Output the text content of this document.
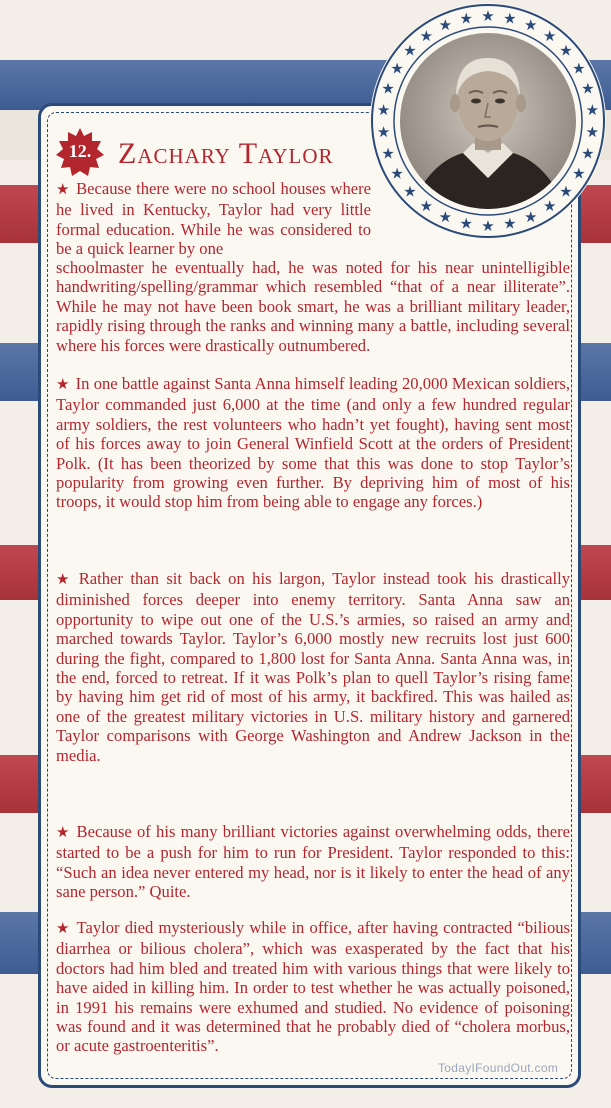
12. Zachary Taylor
★ ★ ★
★
★
★
★
★
★
★
★
★
★
★
★
★
★
★
★
★
★
★
★
★
★
★
★
★
★ ★
★ Because there were no school houses where he lived in Kentucky, Taylor had very little formal education. While he was considered to be a quick learner by one
schoolmaster he eventually had, he was noted for his near unintelligible handwriting/spelling/grammar which resembled “that of a near illiterate”. While he may not have been book smart, he was a brilliant military leader, rapidly rising through the ranks and winning many a battle, including several where his forces were drastically outnumbered.
★ In one battle against Santa Anna himself leading 20,000 Mexican soldiers, Taylor commanded just 6,000 at the time (and only a few hundred regular army soldiers, the rest volunteers who hadn’t yet fought), having sent most of his forces away to join General Winfield Scott at the orders of President Polk. (It has been theorized by some that this was done to stop Taylor’s popularity from growing even further. By depriving him of most of his troops, it would stop him from being able to engage any forces.)
★ Rather than sit back on his largon, Taylor instead took his drastically diminished forces deeper into enemy territory. Santa Anna saw an opportunity to wipe out one of the U.S.’s armies, so raised an army and marched towards Taylor. Taylor’s 6,000 mostly new recruits lost just 600 during the fight, compared to 1,800 lost for Santa Anna. Santa Anna was, in the end, forced to retreat. If it was Polk’s plan to quell Taylor’s rising fame by having him get rid of most of his army, it backfired. This was hailed as one of the greatest military victories in U.S. military history and garnered Taylor comparisons with George Washington and Andrew Jackson in the media.
★ Because of his many brilliant victories against overwhelming odds, there started to be a push for him to run for President. Taylor responded to this: “Such an idea never entered my head, nor is it likely to enter the head of any sane person.” Quite.
★ Taylor died mysteriously while in office, after having contracted “bilious diarrhea or bilious cholera”, which was exasperated by the fact that his doctors had him bled and treated him with various things that were likely to have aided in killing him. In order to test whether he was actually poisoned, in 1991 his remains were exhumed and studied. No evidence of poisoning was found and it was determined that he probably died of “cholera morbus, or acute gastroenteritis”.
TodayIFoundOut.com
